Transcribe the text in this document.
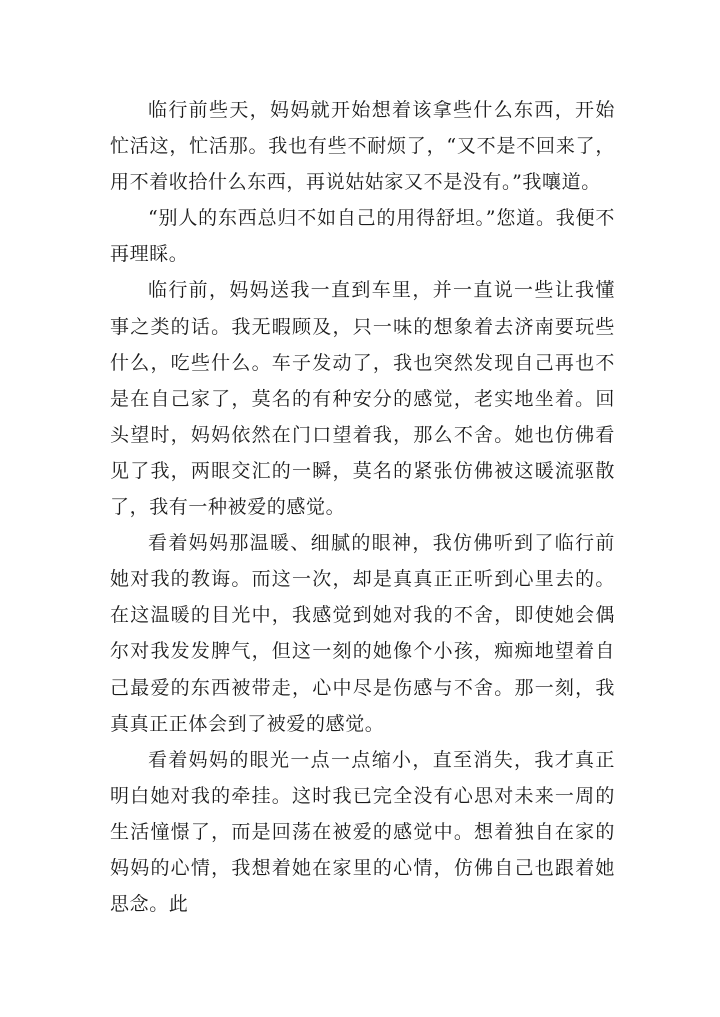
临行前些天，妈妈就开始想着该拿些什么东西，开始忙活这，忙活那。我也有些不耐烦了，“又不是不回来了，用不着收拾什么东西，再说姑姑家又不是没有。”我嚷道。

“别人的东西总归不如自己的用得舒坦。”您道。我便不再理睬。

临行前，妈妈送我一直到车里，并一直说一些让我懂事之类的话。我无暇顾及，只一味的想象着去济南要玩些什么，吃些什么。车子发动了，我也突然发现自己再也不是在自己家了，莫名的有种安分的感觉，老实地坐着。回头望时，妈妈依然在门口望着我，那么不舍。她也仿佛看见了我，两眼交汇的一瞬，莫名的紧张仿佛被这暖流驱散了，我有一种被爱的感觉。

看着妈妈那温暖、细腻的眼神，我仿佛听到了临行前她对我的教诲。而这一次，却是真真正正听到心里去的。在这温暖的目光中，我感觉到她对我的不舍，即使她会偶尔对我发发脾气，但这一刻的她像个小孩，痴痴地望着自己最爱的东西被带走，心中尽是伤感与不舍。那一刻，我真真正正体会到了被爱的感觉。

看着妈妈的眼光一点一点缩小，直至消失，我才真正明白她对我的牵挂。这时我已完全没有心思对未来一周的生活憧憬了，而是回荡在被爱的感觉中。想着独自在家的妈妈的心情，我想着她在家里的心情，仿佛自己也跟着她思念。此
